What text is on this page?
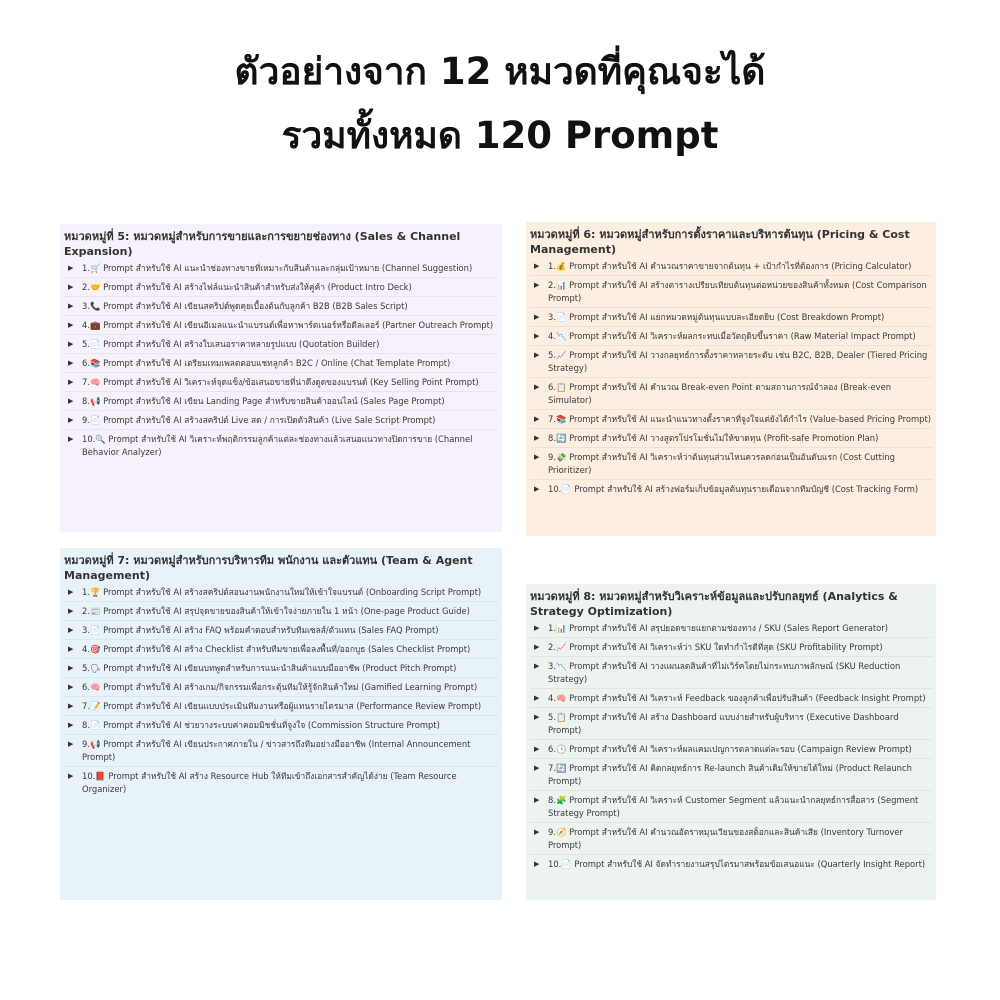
ตัวอย่างจาก 12 หมวดที่คุณจะได้
รวมทั้งหมด 120 Prompt
หมวดหมู่ที่ 5: หมวดหมู่สำหรับการขายและการขยายช่องทาง (Sales & Channel Expansion)
▶ 1.🛒 Prompt สำหรับใช้ AI แนะนำช่องทางขายที่เหมาะกับสินค้าและกลุ่มเป้าหมาย (Channel Suggestion)
▶ 2.🤝 Prompt สำหรับใช้ AI สร้างไฟล์แนะนำสินค้าสำหรับส่งให้คู่ค้า (Product Intro Deck)
▶ 3.📞 Prompt สำหรับใช้ AI เขียนสคริปต์พูดคุยเบื้องต้นกับลูกค้า B2B (B2B Sales Script)
▶ 4.💼 Prompt สำหรับใช้ AI เขียนอีเมลแนะนำแบรนด์เพื่อหาพาร์ตเนอร์หรือดีลเลอร์ (Partner Outreach Prompt)
▶ 5.📄 Prompt สำหรับใช้ AI สร้างใบเสนอราคาหลายรูปแบบ (Quotation Builder)
▶ 6.📚 Prompt สำหรับใช้ AI เตรียมเทมเพลตตอบแชทลูกค้า B2C / Online (Chat Template Prompt)
▶ 7.🧠 Prompt สำหรับใช้ AI วิเคราะห์จุดแข็ง/ข้อเสนอขายที่น่าดึงดูดของแบรนด์ (Key Selling Point Prompt)
▶ 8.📢 Prompt สำหรับใช้ AI เขียน Landing Page สำหรับขายสินค้าออนไลน์ (Sales Page Prompt)
▶ 9.📄 Prompt สำหรับใช้ AI สร้างสคริปต์ Live สด / การเปิดตัวสินค้า (Live Sale Script Prompt)
▶ 10.🔍 Prompt สำหรับใช้ AI วิเคราะห์พฤติกรรมลูกค้าแต่ละช่องทางแล้วเสนอแนวทางปิดการขาย (Channel Behavior Analyzer)
หมวดหมู่ที่ 6: หมวดหมู่สำหรับการตั้งราคาและบริหารต้นทุน (Pricing & Cost Management)
▶ 1.💰 Prompt สำหรับใช้ AI คำนวณราคาขายจากต้นทุน + เป้ากำไรที่ต้องการ (Pricing Calculator)
▶ 2.📊 Prompt สำหรับใช้ AI สร้างตารางเปรียบเทียบต้นทุนต่อหน่วยของสินค้าทั้งหมด (Cost Comparison Prompt)
▶ 3.📄 Prompt สำหรับใช้ AI แยกหมวดหมู่ต้นทุนแบบละเอียดยิบ (Cost Breakdown Prompt)
▶ 4.📉 Prompt สำหรับใช้ AI วิเคราะห์ผลกระทบเมื่อวัตถุดิบขึ้นราคา (Raw Material Impact Prompt)
▶ 5.📈 Prompt สำหรับใช้ AI วางกลยุทธ์การตั้งราคาหลายระดับ เช่น B2C, B2B, Dealer (Tiered Pricing Strategy)
▶ 6.📋 Prompt สำหรับใช้ AI คำนวณ Break-even Point ตามสถานการณ์จำลอง (Break-even Simulator)
▶ 7.📚 Prompt สำหรับใช้ AI แนะนำแนวทางตั้งราคาที่จูงใจแต่ยังได้กำไร (Value-based Pricing Prompt)
▶ 8.🔄 Prompt สำหรับใช้ AI วางสูตรโปรโมชั่นไม่ให้ขาดทุน (Profit-safe Promotion Plan)
▶ 9.💸 Prompt สำหรับใช้ AI วิเคราะห์ว่าต้นทุนส่วนไหนควรลดก่อนเป็นอันดับแรก (Cost Cutting Prioritizer)
▶ 10.📄 Prompt สำหรับใช้ AI สร้างฟอร์มเก็บข้อมูลต้นทุนรายเดือนจากทีมบัญชี (Cost Tracking Form)
หมวดหมู่ที่ 7: หมวดหมู่สำหรับการบริหารทีม พนักงาน และตัวแทน (Team & Agent Management)
▶ 1.🏆 Prompt สำหรับใช้ AI สร้างสคริปต์สอนงานพนักงานใหม่ให้เข้าใจแบรนด์ (Onboarding Script Prompt)
▶ 2.📰 Prompt สำหรับใช้ AI สรุปจุดขายของสินค้าให้เข้าใจง่ายภายใน 1 หน้า (One-page Product Guide)
▶ 3.📄 Prompt สำหรับใช้ AI สร้าง FAQ พร้อมคำตอบสำหรับทีมเซลส์/ตัวแทน (Sales FAQ Prompt)
▶ 4.🎯 Prompt สำหรับใช้ AI สร้าง Checklist สำหรับทีมขายเพื่อลงพื้นที่/ออกบูธ (Sales Checklist Prompt)
▶ 5.🗣 Prompt สำหรับใช้ AI เขียนบทพูดสำหรับการแนะนำสินค้าแบบมืออาชีพ (Product Pitch Prompt)
▶ 6.🧠 Prompt สำหรับใช้ AI สร้างเกม/กิจกรรมเพื่อกระตุ้นทีมให้รู้จักสินค้าใหม่ (Gamified Learning Prompt)
▶ 7.📝 Prompt สำหรับใช้ AI เขียนแบบประเมินทีมงานหรือผู้แทนรายไตรมาส (Performance Review Prompt)
▶ 8.📄 Prompt สำหรับใช้ AI ช่วยวางระบบค่าคอมมิชชั่นที่จูงใจ (Commission Structure Prompt)
▶ 9.📢 Prompt สำหรับใช้ AI เขียนประกาศภายใน / ข่าวสารถึงทีมอย่างมืออาชีพ (Internal Announcement Prompt)
▶ 10.📕 Prompt สำหรับใช้ AI สร้าง Resource Hub ให้ทีมเข้าถึงเอกสารสำคัญได้ง่าย (Team Resource Organizer)
หมวดหมู่ที่ 8: หมวดหมู่สำหรับวิเคราะห์ข้อมูลและปรับกลยุทธ์ (Analytics & Strategy Optimization)
▶ 1.📊 Prompt สำหรับใช้ AI สรุปยอดขายแยกตามช่องทาง / SKU (Sales Report Generator)
▶ 2.📈 Prompt สำหรับใช้ AI วิเคราะห์ว่า SKU ใดทำกำไรดีที่สุด (SKU Profitability Prompt)
▶ 3.📉 Prompt สำหรับใช้ AI วางแผนลดสินค้าที่ไม่เวิร์คโดยไม่กระทบภาพลักษณ์ (SKU Reduction Strategy)
▶ 4.🧠 Prompt สำหรับใช้ AI วิเคราะห์ Feedback ของลูกค้าเพื่อปรับสินค้า (Feedback Insight Prompt)
▶ 5.📋 Prompt สำหรับใช้ AI สร้าง Dashboard แบบง่ายสำหรับผู้บริหาร (Executive Dashboard Prompt)
▶ 6.🕒 Prompt สำหรับใช้ AI วิเคราะห์ผลแคมเปญการตลาดแต่ละรอบ (Campaign Review Prompt)
▶ 7.🔄 Prompt สำหรับใช้ AI คิดกลยุทธ์การ Re-launch สินค้าเดิมให้ขายได้ใหม่ (Product Relaunch Prompt)
▶ 8.🧩 Prompt สำหรับใช้ AI วิเคราะห์ Customer Segment แล้วแนะนำกลยุทธ์การสื่อสาร (Segment Strategy Prompt)
▶ 9.🧭 Prompt สำหรับใช้ AI คำนวณอัตราหมุนเวียนของสต็อกและสินค้าเสีย (Inventory Turnover Prompt)
▶ 10.📄 Prompt สำหรับใช้ AI จัดทำรายงานสรุปไตรมาสพร้อมข้อเสนอแนะ (Quarterly Insight Report)
